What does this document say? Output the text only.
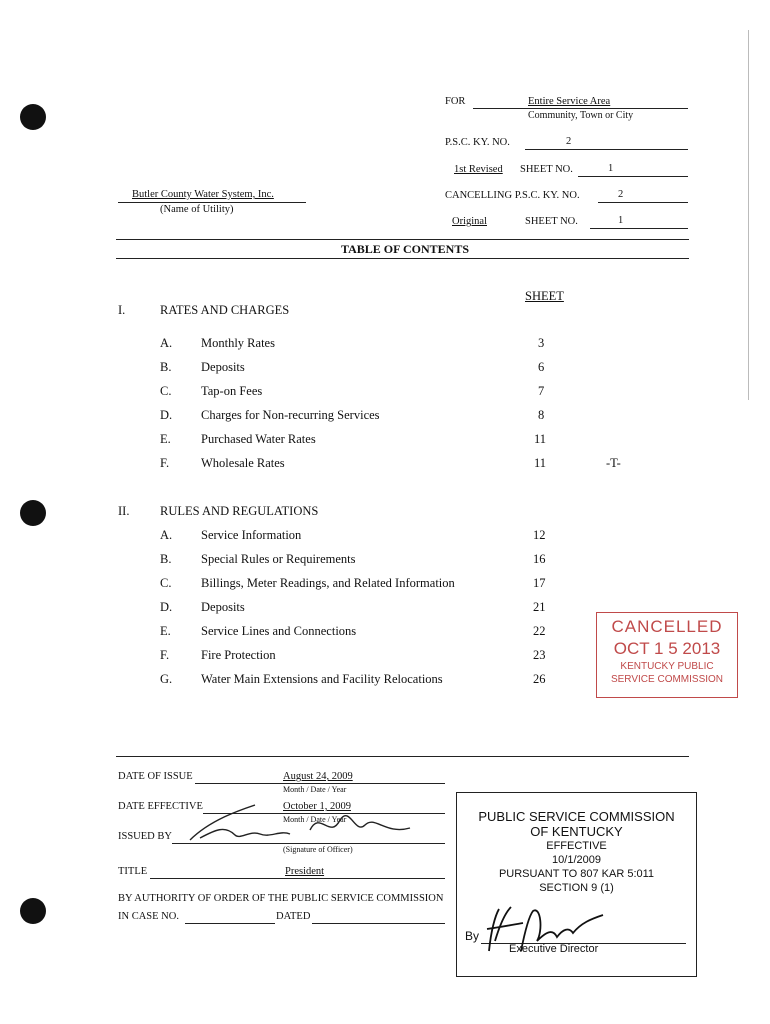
FOR	Entire Service Area
Community, Town or City
P.S.C. KY. NO.	2
1st Revised SHEET NO.	1
Butler County Water System, Inc.
(Name of Utility)
CANCELLING P.S.C. KY. NO.	2
Original	SHEET NO.	1
TABLE OF CONTENTS
SHEET
I.	RATES AND CHARGES
A. Monthly Rates	3
B. Deposits	6
C. Tap-on Fees	7
D. Charges for Non-recurring Services	8
E. Purchased Water Rates	11
F.	Wholesale Rates	11	-T-
II. RULES AND REGULATIONS
A. Service Information	12
B. Special Rules or Requirements	16
C. Billings, Meter Readings, and Related Information	17
D. Deposits	21
E. Service Lines and Connections	22
F.	Fire Protection	23
G. Water Main Extensions and Facility Relocations	26
CANCELLED
OCT 1 5 2013
KENTUCKY PUBLIC
SERVICE COMMISSION
DATE OF ISSUE	August 24, 2009
Month / Date / Year
DATE EFFECTIVE	October 1, 2009
Month / Date / Year
ISSUED BY
(Signature of Officer)
TITLE	President
BY AUTHORITY OF ORDER OF THE PUBLIC SERVICE COMMISSION
IN CASE NO.	DATED
PUBLIC SERVICE COMMISSION
OF KENTUCKY
EFFECTIVE
10/1/2009
PURSUANT TO 807 KAR 5:011
SECTION 9 (1)
By
Executive Director
